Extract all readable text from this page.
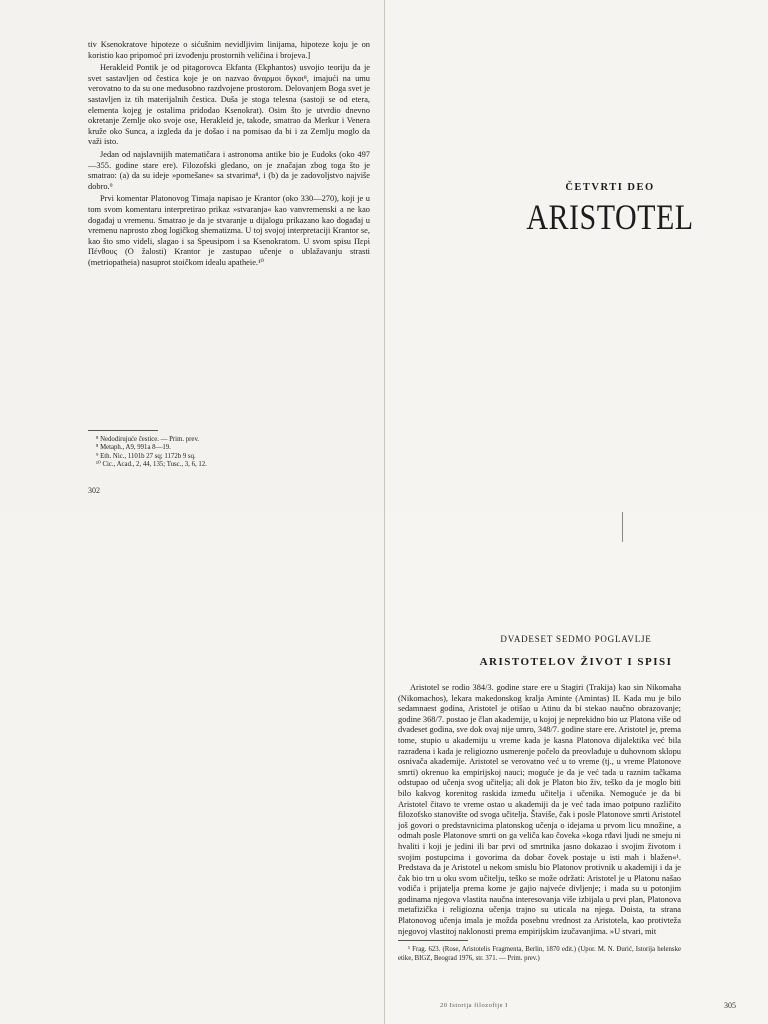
tiv Ksenokratove hipoteze o sićušnim nevidljivim linijama, hipoteze koju je on koristio kao pripomoć pri izvođenju prostornih veličina i brojeva.]

Herakleid Pontik je od pitagorovca Ekfanta (Ekphantos) usvojio teoriju da je svet sastavljen od čestica koje je on nazvao ἄναρμοι ὄγκοι⁸, imajući na umu verovatno to da su one međusobno razdvojene prostorom. Delovanjem Boga svet je sastavljen iz tih materijalnih čestica. Duša je stoga telesna (sastoji se od etera, elementa kojeg je ostalima pridodao Ksenokrat). Osim što je utvrdio dnevno okretanje Zemlje oko svoje ose, Herakleid je, takođe, smatrao da Merkur i Venera kruže oko Sunca, a izgleda da je došao i na pomisao da bi i za Zemlju moglo da važi isto.

Jedan od najslavnijih matematičara i astronoma antike bio je Eudoks (oko 497—355. godine stare ere). Filozofski gledano, on je značajan zbog toga što je smatrao: (a) da su ideje »pomešane« sa stvarima⁸, i (b) da je zadovoljstvo najviše dobro.⁹

Prvi komentar Platonovog Timaja napisao je Krantor (oko 330—270), koji je u tom svom komentaru interpretirao prikaz »stvaranja« kao vanvremenski a ne kao događaj u vremenu. Smatrao je da je stvaranje u dijalogu prikazano kao događaj u vremenu naprosto zbog logičkog shematizma. U toj svojoj interpretaciji Krantor se, kao što smo videli, slagao i sa Speusipom i sa Ksenokratom. U svom spisu Περὶ Πένθους (O žalosti) Krantor je zastupao učenje o ublažavanju strasti (metriopatheia) nasuprot stoičkom idealu apatheie.¹⁰

⁸ Nedodirujuće čestice. — Prim. prev.
⁸ Metaph., A9, 991a 8—19.
⁹ Eth. Nic., 1101b 27 sq; 1172b 9 sq.
¹⁰ Cic., Acad., 2, 44, 135; Tusc., 3, 6, 12.
302
ČETVRTI DEO
ARISTOTEL
DVADESET SEDMO POGLAVLJE
ARISTOTELOV ŽIVOT I SPISI

Aristotel se rodio 384/3. godine stare ere u Stagiri (Trakija) kao sin Nikomaha (Nikomachos), lekara makedonskog kralja Aminte (Amintas) II. Kada mu je bilo sedamnaest godina, Aristotel je otišao u Atinu da bi stekao naučno obrazovanje; godine 368/7. postao je član akademije, u kojoj je neprekidno bio uz Platona više od dvadeset godina, sve dok ovaj nije umro, 348/7. godine stare ere. Aristotel je, prema tome, stupio u akademiju u vreme kada je kasna Platonova dijalektika već bila razrađena i kada je religiozno usmerenje počelo da preovlađuje u duhovnom sklopu osnivača akademije. Aristotel se verovatno već u to vreme (tj., u vreme Platonove smrti) okrenuo ka empirijskoj nauci; moguće je da je već tada u raznim tačkama odstupao od učenja svog učitelja; ali dok je Platon bio živ, teško da je moglo biti bilo kakvog korenitog raskida između učitelja i učenika. Nemoguće je da bi Aristotel čitavo te vreme ostao u akademiji da je već tada imao potpuno različito filozofsko stanovište od svoga učitelja. Štaviše, čak i posle Platonove smrti Aristotel još govori o predstavnicima platonskog učenja o idejama u prvom licu množine, a odmah posle Platonove smrti on ga veliča kao čoveka »koga rđavi ljudi ne smeju ni hvaliti i koji je jedini ili bar prvi od smrtnika jasno dokazao i svojim životom i svojim postupcima i govorima da dobar čovek postaje u isti mah i blažen«¹. Predstava da je Aristotel u nekom smislu bio Platonov protivnik u akademiji i da je čak bio trn u oku svom učitelju, teško se može održati: Aristotel je u Platonu našao vodiča i prijatelja prema kome je gajio najveće divljenje; i mada su u potonjim godinama njegova vlastita naučna interesovanja više izbijala u prvi plan, Platonova metafizička i religiozna učenja trajno su uticala na njega. Doista, ta strana Platonovog učenja imala je možda posebnu vrednost za Aristotela, kao protivteža njegovoj vlastitoj naklonosti prema empirijskim izučavanjima. »U stvari, mit

¹ Frag. 623. (Rose, Aristotelis Fragmenta, Berlin, 1870 edit.) (Upor. M. N. Đurić, Istorija helenske etike, BIGZ, Beograd 1976, str. 371. — Prim. prev.)

20 Istorija filozofije I	305
